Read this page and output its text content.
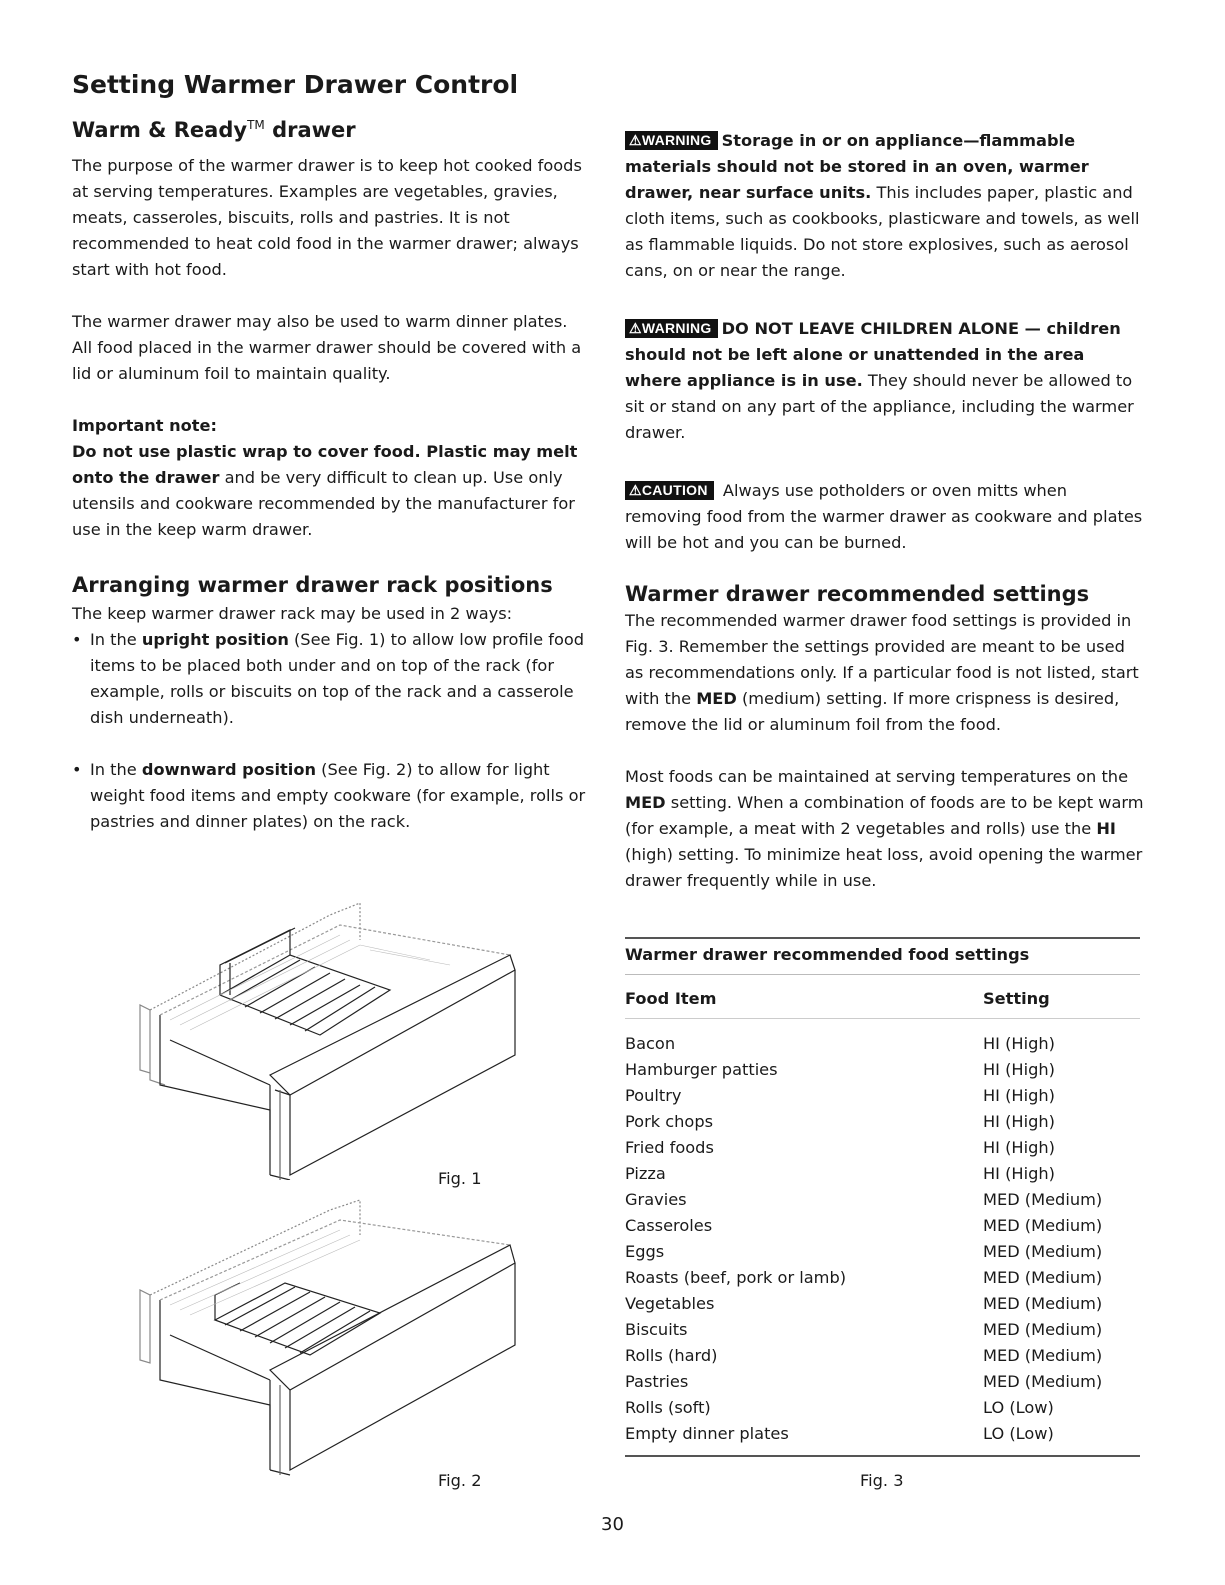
Setting Warmer Drawer Control
Warm & Ready™ drawer

The purpose of the warmer drawer is to keep hot cooked foods at serving temperatures. Examples are vegetables, gravies, meats, casseroles, biscuits, rolls and pastries. It is not recommended to heat cold food in the warmer drawer; always start with hot food.

The warmer drawer may also be used to warm dinner plates. All food placed in the warmer drawer should be covered with a lid or aluminum foil to maintain quality.

Important note:

Do not use plastic wrap to cover food. Plastic may melt onto the drawer and be very difficult to clean up. Use only utensils and cookware recommended by the manufacturer for use in the keep warm drawer.

Arranging warmer drawer rack positions

The keep warmer drawer rack may be used in 2 ways:

• In the upright position (See Fig. 1) to allow low profile food items to be placed both under and on top of the rack (for example, rolls or biscuits on top of the rack and a casserole dish underneath).
• In the downward position (See Fig. 2) to allow for light weight food items and empty cookware (for example, rolls or pastries and dinner plates) on the rack.
Fig. 1
Fig. 2

⚠WARNING Storage in or on appliance—flammable materials should not be stored in an oven, warmer drawer, near surface units. This includes paper, plastic and cloth items, such as cookbooks, plasticware and towels, as well as flammable liquids. Do not store explosives, such as aerosol cans, on or near the range.

⚠WARNING DO NOT LEAVE CHILDREN ALONE — children should not be left alone or unattended in the area where appliance is in use. They should never be allowed to sit or stand on any part of the appliance, including the warmer drawer.

⚠CAUTION Always use potholders or oven mitts when removing food from the warmer drawer as cookware and plates will be hot and you can be burned.

Warmer drawer recommended settings

The recommended warmer drawer food settings is provided in Fig. 3. Remember the settings provided are meant to be used as recommendations only. If a particular food is not listed, start with the MED (medium) setting. If more crispness is desired, remove the lid or aluminum foil from the food.

Most foods can be maintained at serving temperatures on the MED setting. When a combination of foods are to be kept warm (for example, a meat with 2 vegetables and rolls) use the HI (high) setting. To minimize heat loss, avoid opening the warmer drawer frequently while in use.

Warmer drawer recommended food settings
Food Item	Setting
Bacon	HI (High)
Hamburger patties	HI (High)
Poultry	HI (High)
Pork chops	HI (High)
Fried foods	HI (High)
Pizza	HI (High)
Gravies	MED (Medium)
Casseroles	MED (Medium)
Eggs	MED (Medium)
Roasts (beef, pork or lamb)	MED (Medium)
Vegetables	MED (Medium)
Biscuits	MED (Medium)
Rolls (hard)	MED (Medium)
Pastries	MED (Medium)
Rolls (soft)	LO (Low)
Empty dinner plates	LO (Low)
Fig. 3
30
